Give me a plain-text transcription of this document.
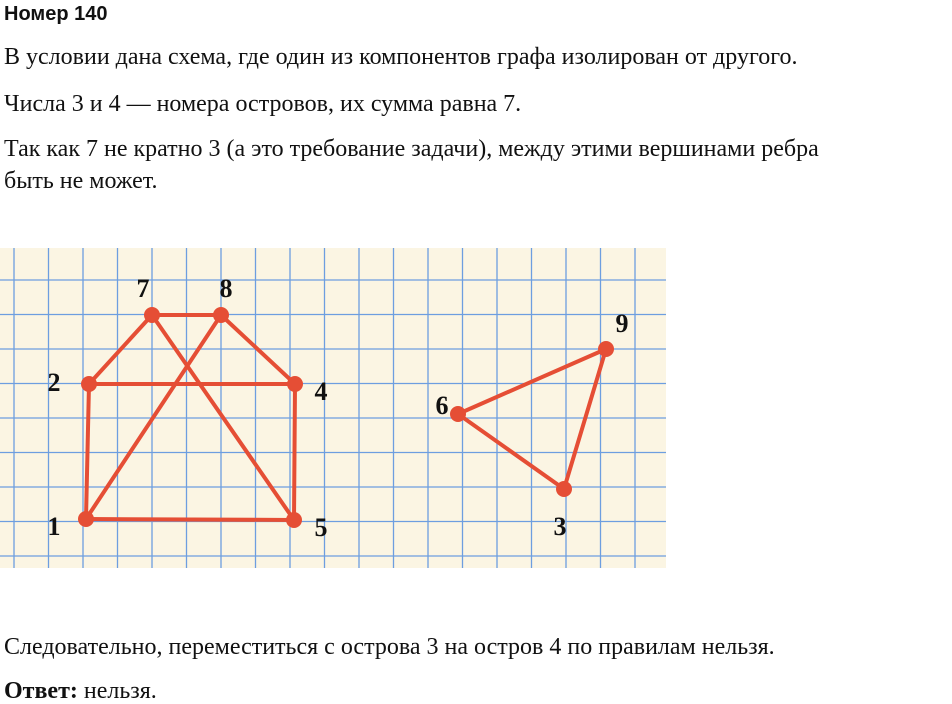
Номер 140

В условии дана схема, где один из компонентов графа изолирован от другого.

Числа 3 и 4 — номера островов, их сумма равна 7.

Так как 7 не кратно 3 (а это требование задачи), между этими вершинами ребра

быть не может.

1
2	4
5
7	8
3
6
9

Следовательно, переместиться с острова 3 на остров 4 по правилам нельзя.

Ответ: нельзя.
